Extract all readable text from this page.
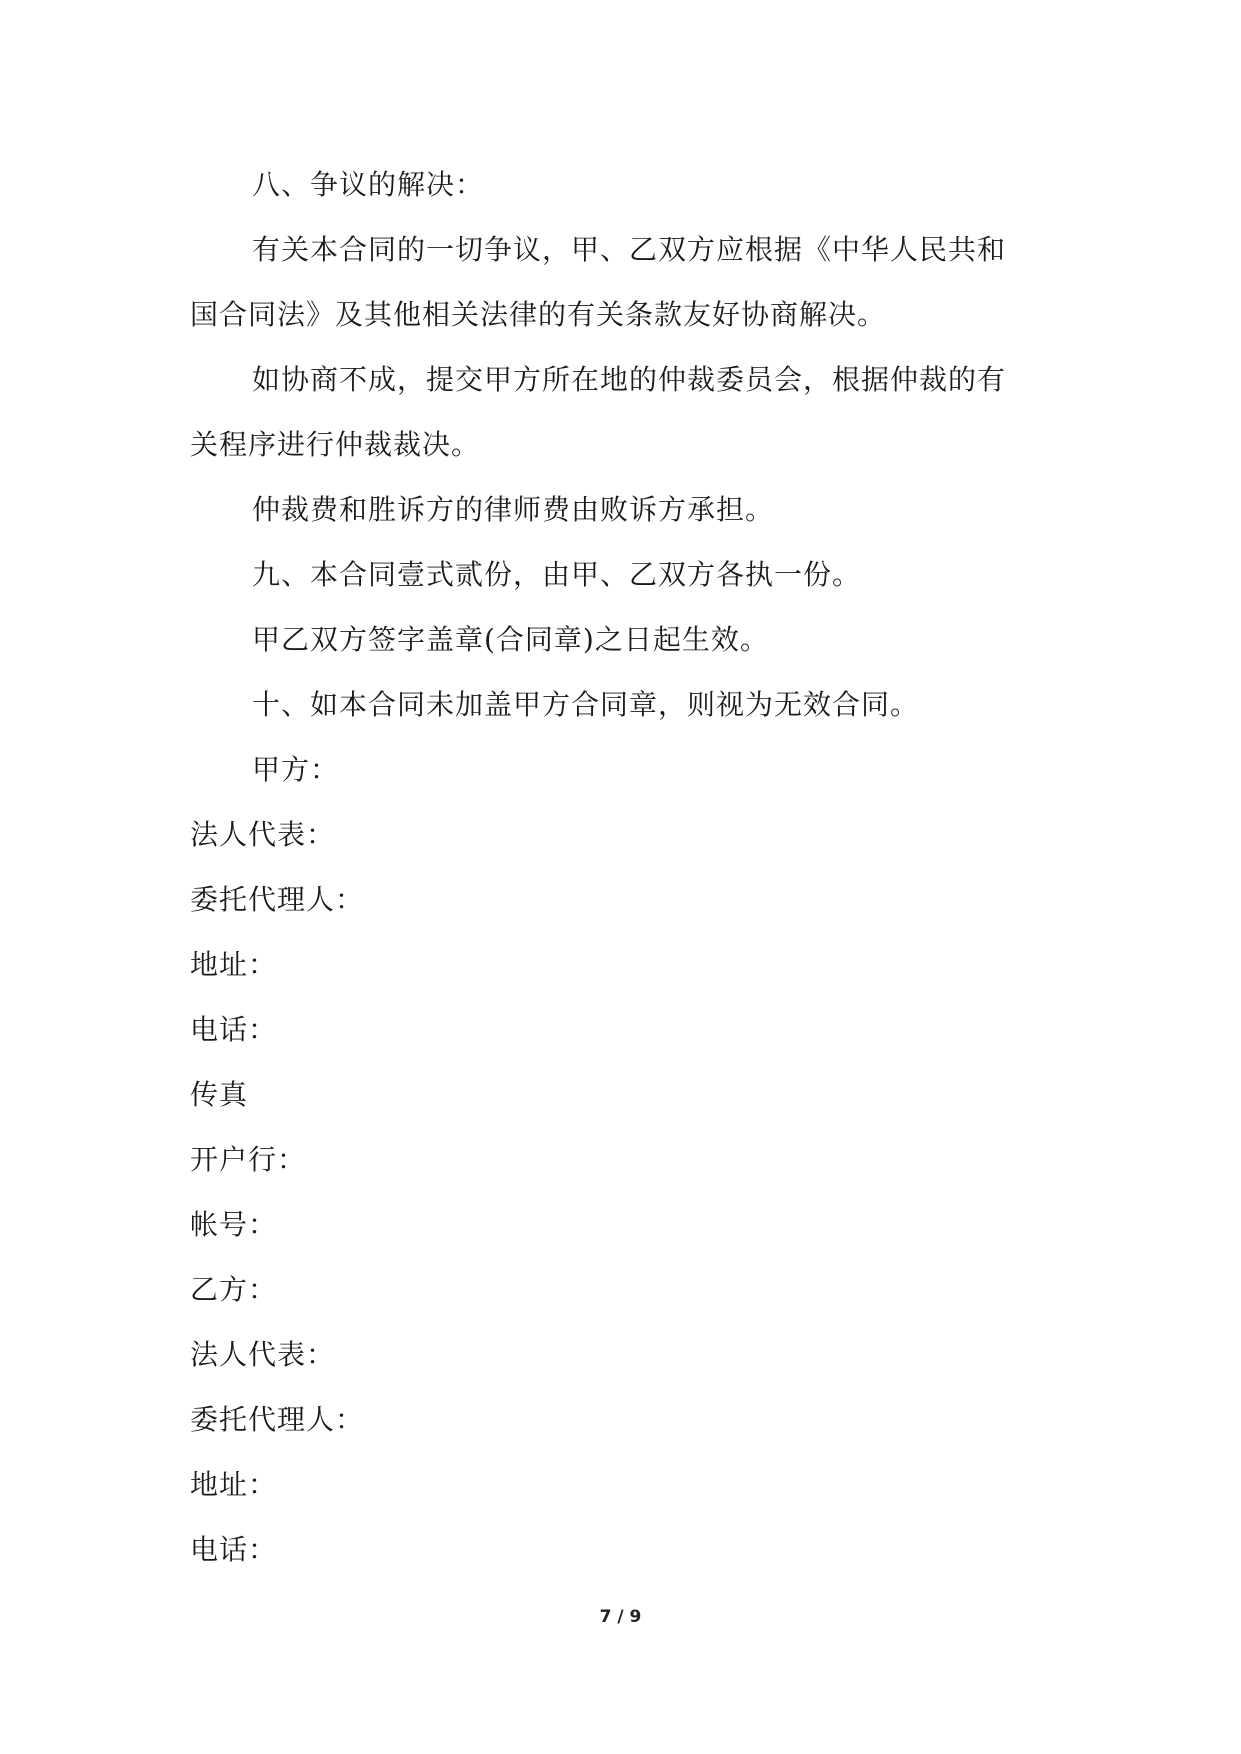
八、争议的解决：
有关本合同的一切争议，甲、乙双方应根据《中华人民共和
国合同法》及其他相关法律的有关条款友好协商解决。
如协商不成，提交甲方所在地的仲裁委员会，根据仲裁的有
关程序进行仲裁裁决。
仲裁费和胜诉方的律师费由败诉方承担。
九、本合同壹式贰份，由甲、乙双方各执一份。
甲乙双方签字盖章(合同章)之日起生效。
十、如本合同未加盖甲方合同章，则视为无效合同。
甲方：
法人代表：
委托代理人：
地址：
电话：
传真
开户行：
帐号：
乙方：
法人代表：
委托代理人：
地址：
电话：
7 / 9
